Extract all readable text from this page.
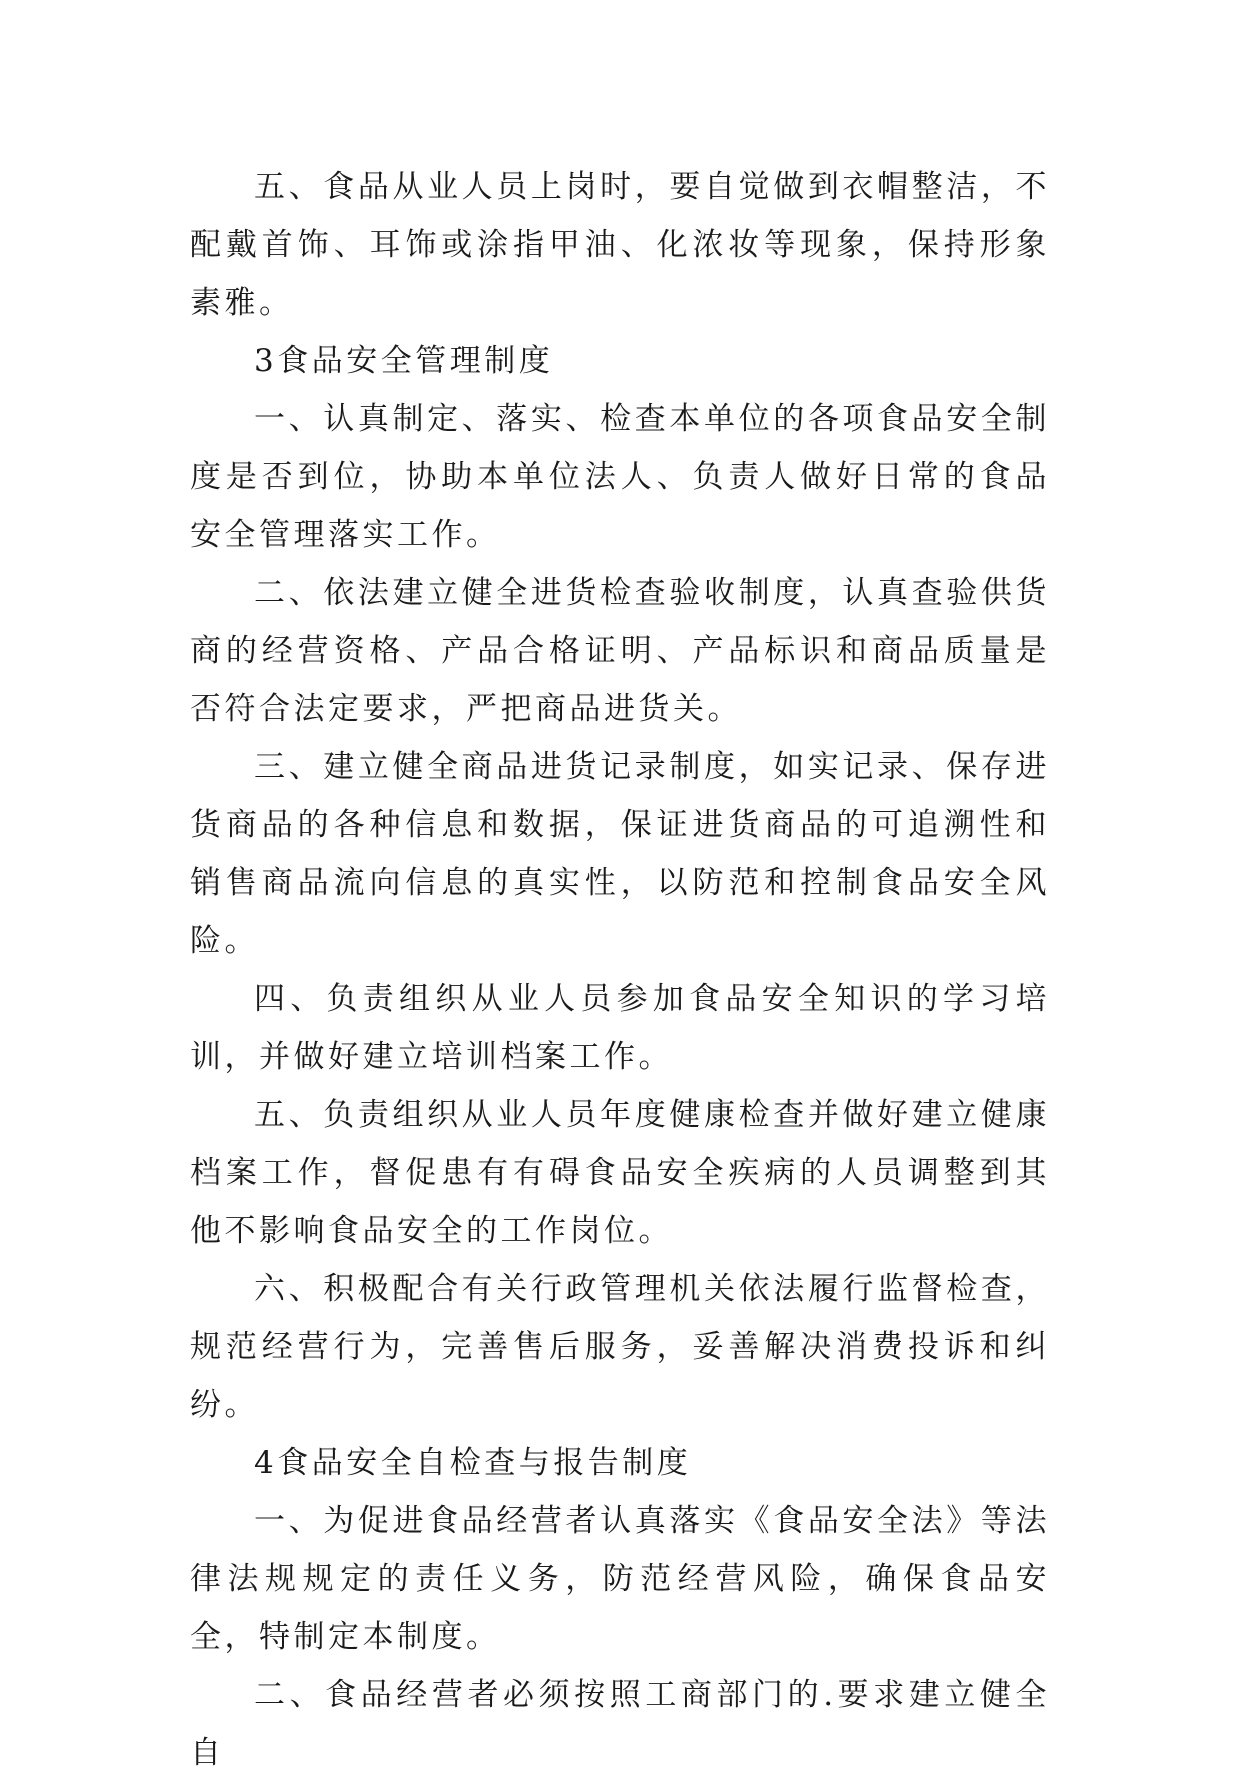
五、食品从业人员上岗时，要自觉做到衣帽整洁，不配戴首饰、耳饰或涂指甲油、化浓妆等现象，保持形象素雅。

3食品安全管理制度

一、认真制定、落实、检查本单位的各项食品安全制度是否到位，协助本单位法人、负责人做好日常的食品安全管理落实工作。

二、依法建立健全进货检查验收制度，认真查验供货商的经营资格、产品合格证明、产品标识和商品质量是否符合法定要求，严把商品进货关。

三、建立健全商品进货记录制度，如实记录、保存进货商品的各种信息和数据，保证进货商品的可追溯性和销售商品流向信息的真实性，以防范和控制食品安全风险。

四、负责组织从业人员参加食品安全知识的学习培训，并做好建立培训档案工作。

五、负责组织从业人员年度健康检查并做好建立健康档案工作，督促患有有碍食品安全疾病的人员调整到其他不影响食品安全的工作岗位。

六、积极配合有关行政管理机关依法履行监督检查，规范经营行为，完善售后服务，妥善解决消费投诉和纠纷。

4食品安全自检查与报告制度

一、为促进食品经营者认真落实《食品安全法》等法律法规规定的责任义务，防范经营风险，确保食品安全，特制定本制度。

二、食品经营者必须按照工商部门的.要求建立健全自
